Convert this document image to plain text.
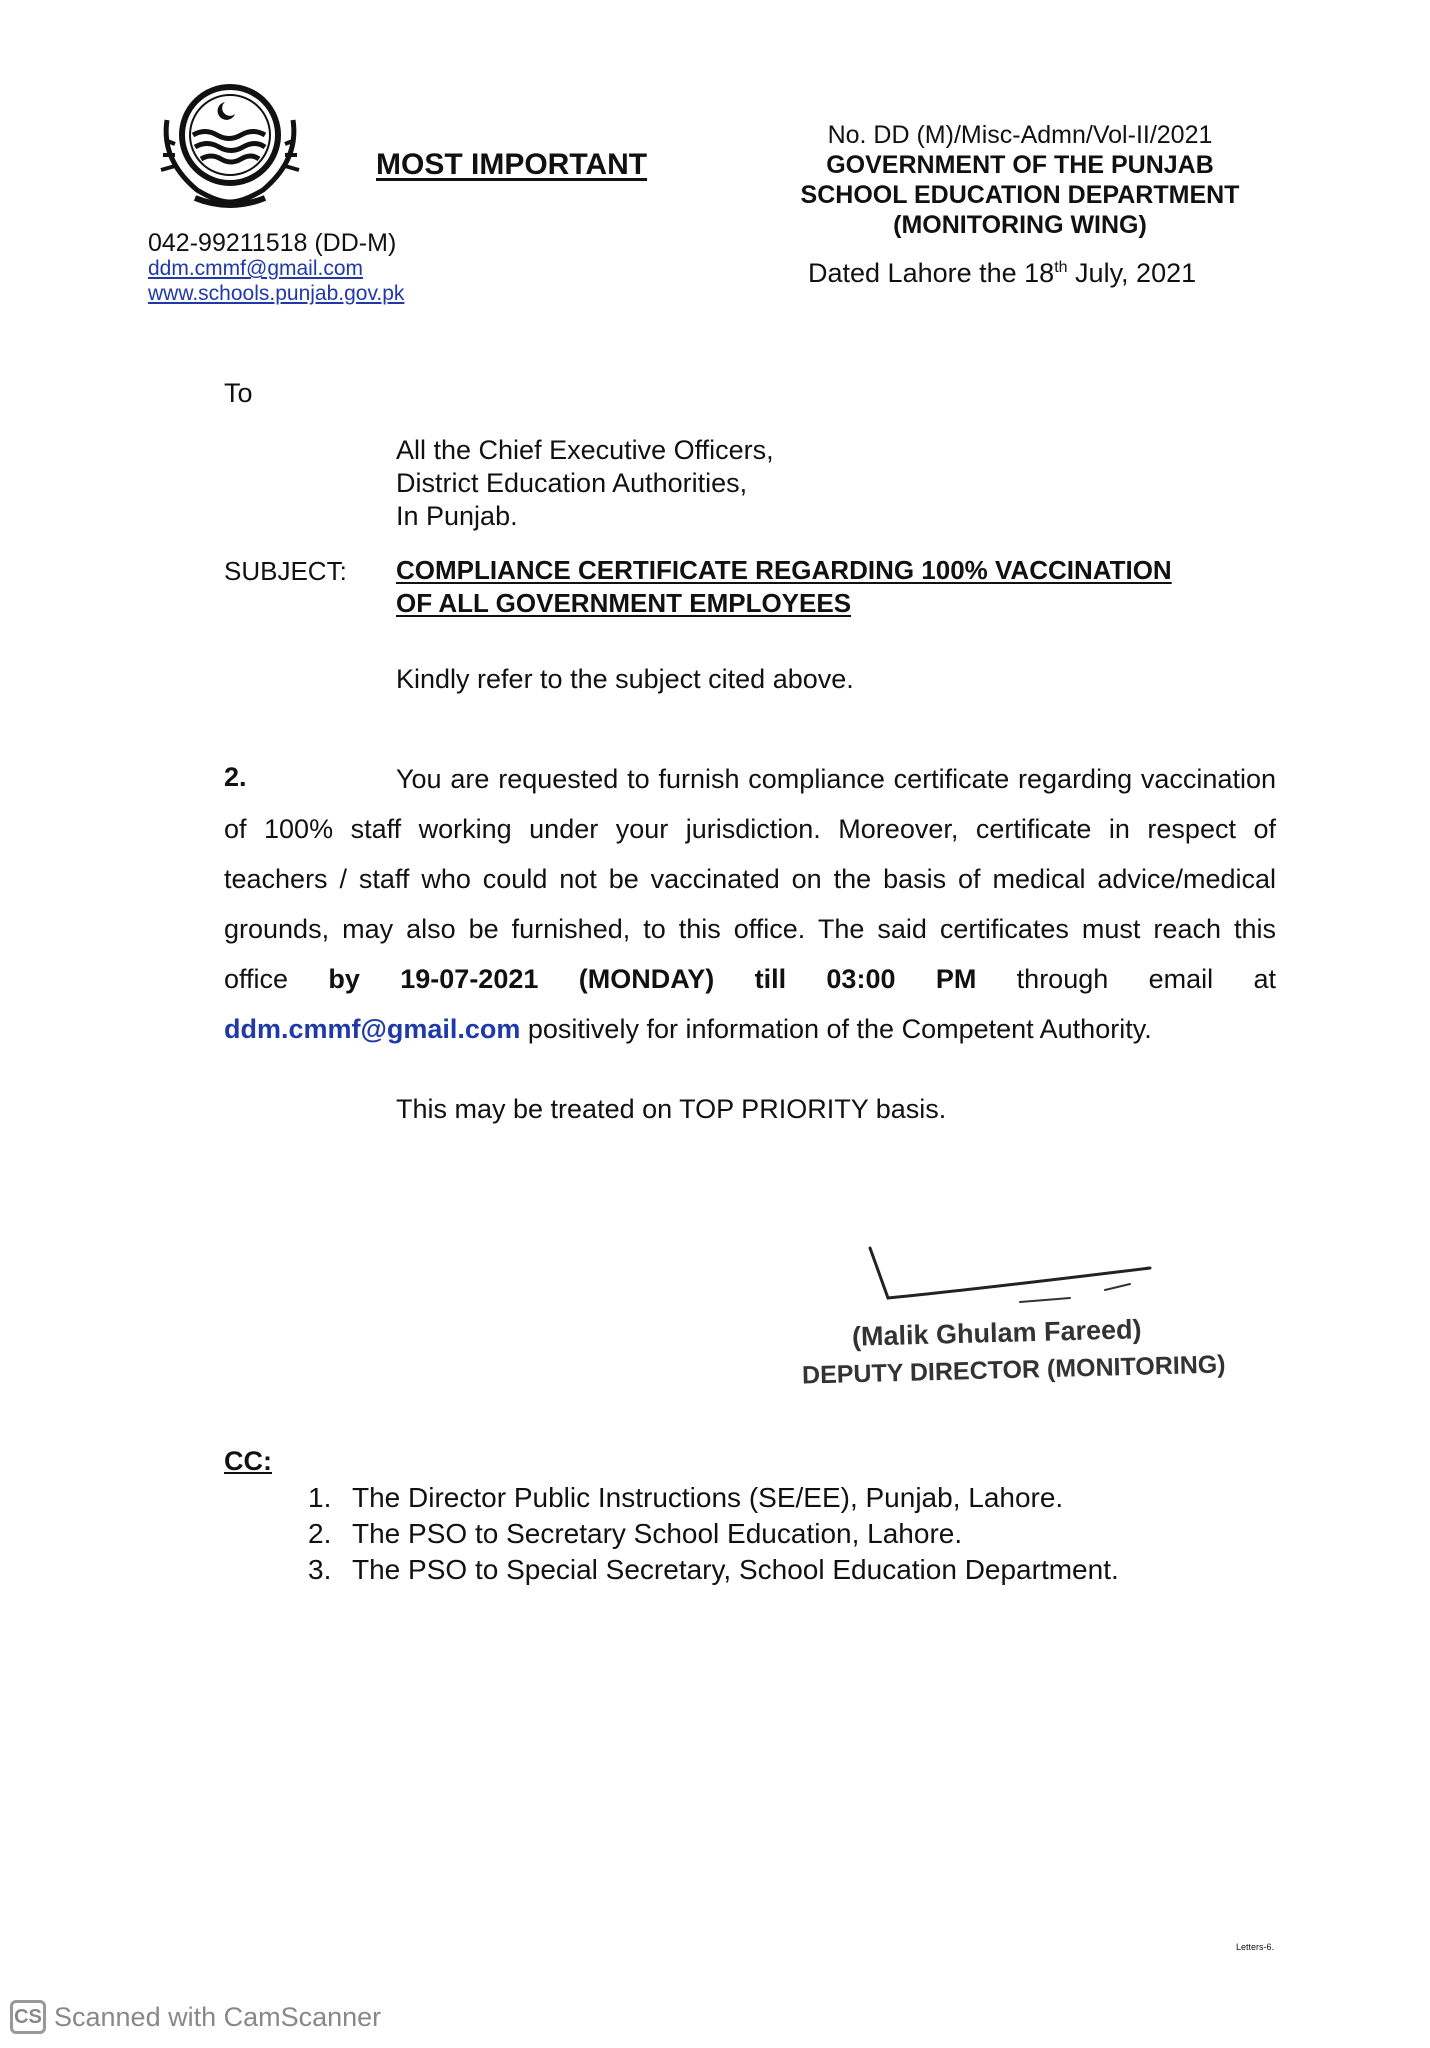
MOST IMPORTANT
042-99211518 (DD-M)
ddm.cmmf@gmail.com
www.schools.punjab.gov.pk
No. DD (M)/Misc-Admn/Vol-II/2021
GOVERNMENT OF THE PUNJAB
SCHOOL EDUCATION DEPARTMENT
(MONITORING WING)
Dated Lahore the 18th July, 2021
To
All the Chief Executive Officers,
District Education Authorities,
In Punjab.
SUBJECT: COMPLIANCE CERTIFICATE REGARDING 100% VACCINATION
OF ALL GOVERNMENT EMPLOYEES
Kindly refer to the subject cited above.
2.	You are requested to furnish compliance certificate regarding vaccination of 100% staff working under your jurisdiction. Moreover, certificate in respect of teachers / staff who could not be vaccinated on the basis of medical advice/medical grounds, may also be furnished, to this office. The said certificates must reach this office by 19-07-2021 (MONDAY) till 03:00 PM through email at ddm.cmmf@gmail.com positively for information of the Competent Authority.
This may be treated on TOP PRIORITY basis.
(Malik Ghulam Fareed)
DEPUTY DIRECTOR (MONITORING)
CC:
1. The Director Public Instructions (SE/EE), Punjab, Lahore.
2. The PSO to Secretary School Education, Lahore.
3. The PSO to Special Secretary, School Education Department.
Letters-6.
CS Scanned with CamScanner
